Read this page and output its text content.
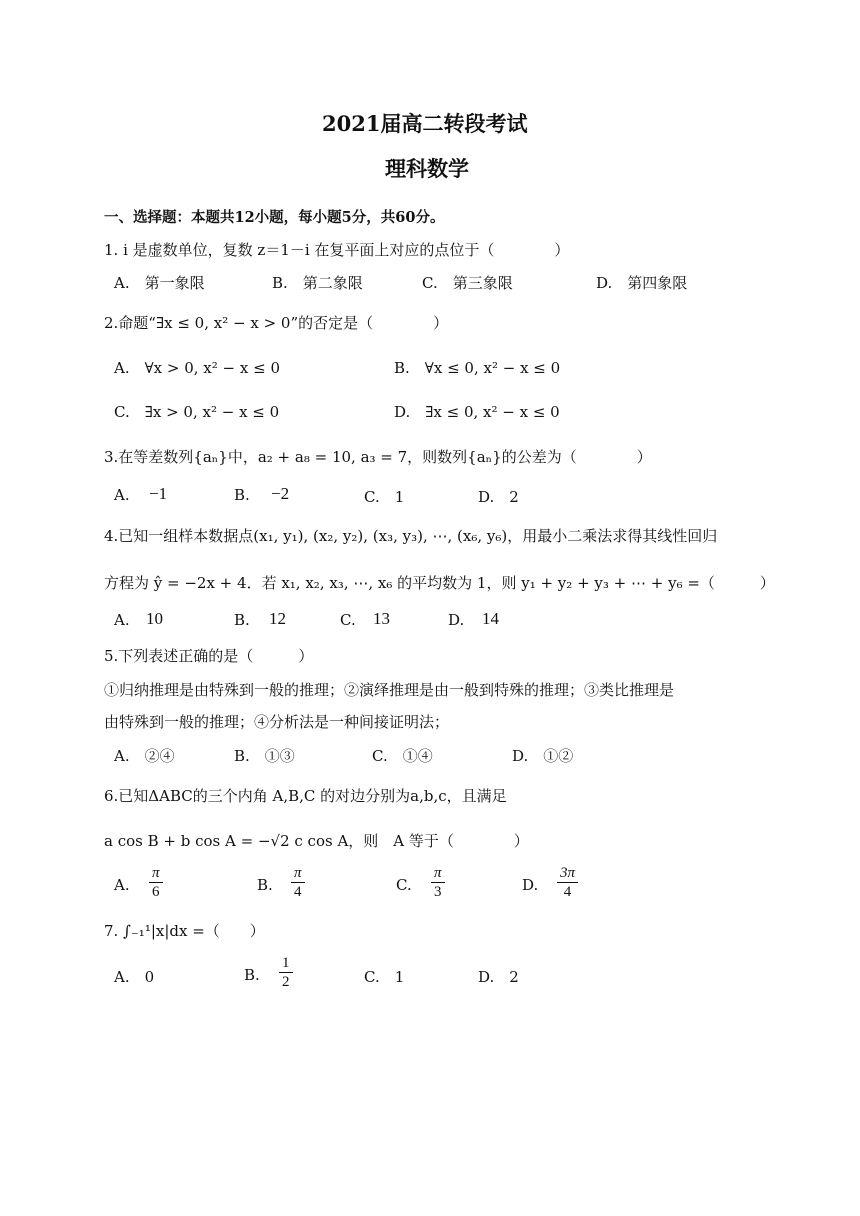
2021届高二转段考试
理科数学
一、选择题：本题共12小题，每小题5分，共60分。
1. i 是虚数单位，复数 z＝1－i 在复平面上对应的点位于（　　　　）
A.　第一象限	B.　第二象限	C.　第三象限	D.　第四象限
2.命题“∃x ≤ 0, x² − x > 0”的否定是（　　　　）
A.　∀x > 0, x² − x ≤ 0	B.　∀x ≤ 0, x² − x ≤ 0
C.　∃x > 0, x² − x ≤ 0	D.　∃x ≤ 0, x² − x ≤ 0
3.在等差数列{aₙ}中，a₂ + a₈ = 10, a₃ = 7，则数列{aₙ}的公差为（　　　　）
A. −1	B. −2	C.　1	D.　2
4.已知一组样本数据点(x₁, y₁), (x₂, y₂), (x₃, y₃), ⋯, (x₆, y₆)，用最小二乘法求得其线性回归
方程为 ŷ = −2x + 4．若 x₁, x₂, x₃, ⋯, x₆ 的平均数为 1，则 y₁ + y₂ + y₃ + ⋯ + y₆ =（　　　）
A. 10	B. 12	C. 13	D. 14
5.下列表述正确的是（　　　）
①归纳推理是由特殊到一般的推理；②演绎推理是由一般到特殊的推理；③类比推理是
由特殊到一般的推理；④分析法是一种间接证明法；
A.　②④	B.　①③	C.　①④	D.　①②
6.已知ΔABC的三个内角 A,B,C 的对边分别为a,b,c，且满足
a cos B + b cos A = −√2 c cos A，则　A 等于（　　　　）
A. $\frac{\pi}{6}$	B. $\frac{\pi}{4}$	C. $\frac{\pi}{3}$	D. $\frac{3\pi}{4}$
7. ∫₋₁¹|x|dx =（　　）
A.　0	B. $\frac{1}{2}$	C.　1	D.　2
